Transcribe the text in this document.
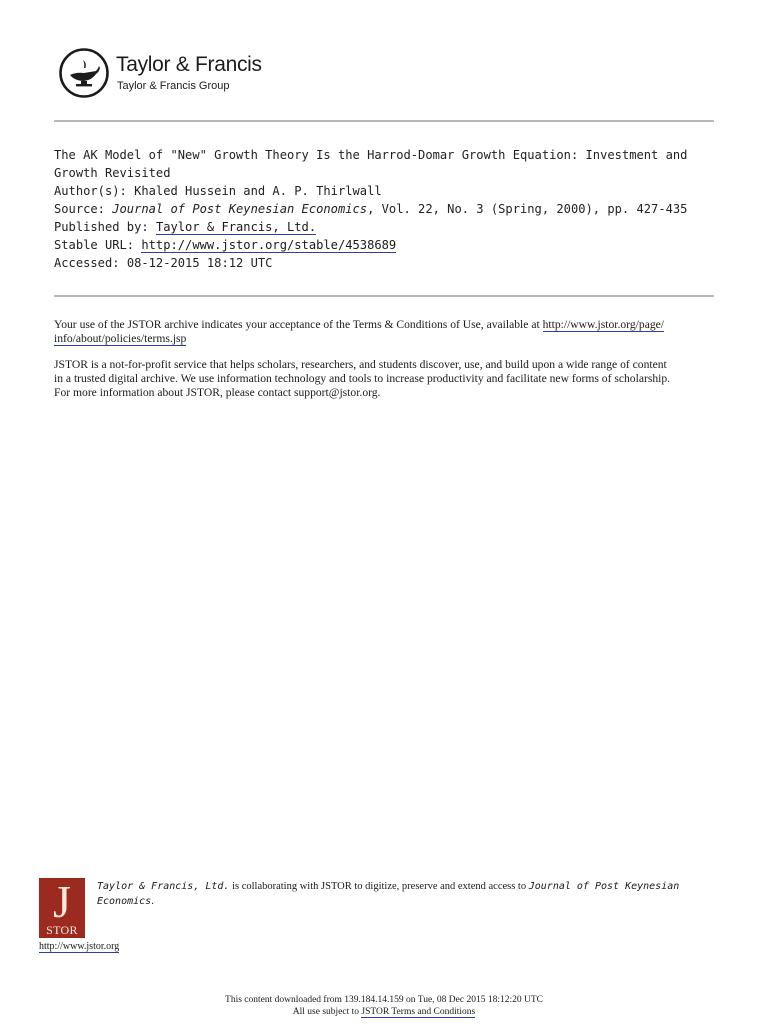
Taylor & Francis
Taylor & Francis Group
The AK Model of "New" Growth Theory Is the Harrod-Domar Growth Equation: Investment and
Growth Revisited
Author(s): Khaled Hussein and A. P. Thirlwall
Source: Journal of Post Keynesian Economics, Vol. 22, No. 3 (Spring, 2000), pp. 427-435
Published by: Taylor & Francis, Ltd.
Stable URL: http://www.jstor.org/stable/4538689
Accessed: 08-12-2015 18:12 UTC

Your use of the JSTOR archive indicates your acceptance of the Terms & Conditions of Use, available at http://www.jstor.org/page/
info/about/policies/terms.jsp

JSTOR is a not-for-profit service that helps scholars, researchers, and students discover, use, and build upon a wide range of content
in a trusted digital archive. We use information technology and tools to increase productivity and facilitate new forms of scholarship.
For more information about JSTOR, please contact support@jstor.org.

J
STOR
http://www.jstor.org
Taylor & Francis, Ltd. is collaborating with JSTOR to digitize, preserve and extend access to Journal of Post Keynesian
Economics.
This content downloaded from 139.184.14.159 on Tue, 08 Dec 2015 18:12:20 UTC
All use subject to JSTOR Terms and Conditions
